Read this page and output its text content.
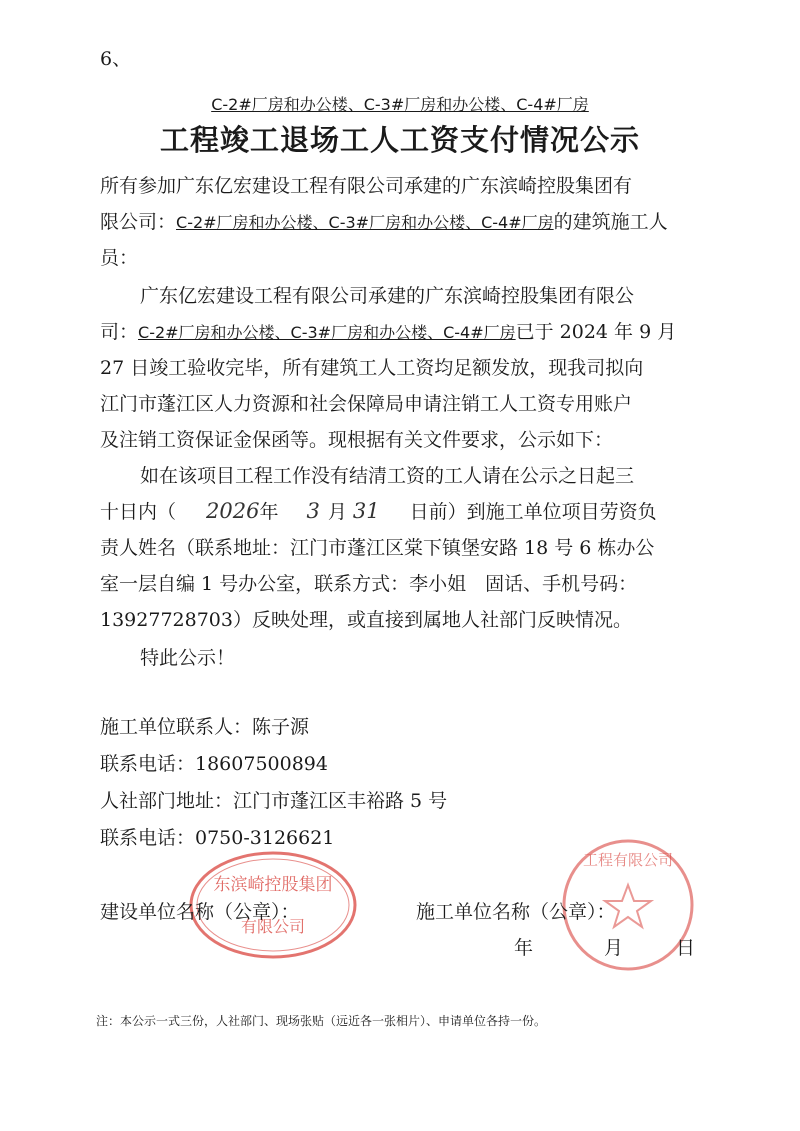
6、
C-2#厂房和办公楼、C-3#厂房和办公楼、C-4#厂房
工程竣工退场工人工资支付情况公示
所有参加广东亿宏建设工程有限公司承建的广东滨崎控股集团有
限公司：C-2#厂房和办公楼、C-3#厂房和办公楼、C-4#厂房的建筑施工人
员：
广东亿宏建设工程有限公司承建的广东滨崎控股集团有限公
司：C-2#厂房和办公楼、C-3#厂房和办公楼、C-4#厂房已于 2024 年 9 月
27 日竣工验收完毕，所有建筑工人工资均足额发放，现我司拟向
江门市蓬江区人力资源和社会保障局申请注销工人工资专用账户
及注销工资保证金保函等。现根据有关文件要求，公示如下：
如在该项目工程工作没有结清工资的工人请在公示之日起三
十日内（ 2026年 3 月 31 日前）到施工单位项目劳资负
责人姓名（联系地址：江门市蓬江区棠下镇堡安路 18 号 6 栋办公
室一层自编 1 号办公室，联系方式：李小姐　固话、手机号码：
13927728703）反映处理，或直接到属地人社部门反映情况。
特此公示！
施工单位联系人：陈子源
联系电话：18607500894
人社部门地址：江门市蓬江区丰裕路 5 号
联系电话：0750-3126621
东滨崎控股集团
有限公司
工程有限公司
建设单位名称（公章）：	施工单位名称（公章）：
年	月	日
注：本公示一式三份，人社部门、现场张贴（远近各一张相片）、申请单位各持一份。
